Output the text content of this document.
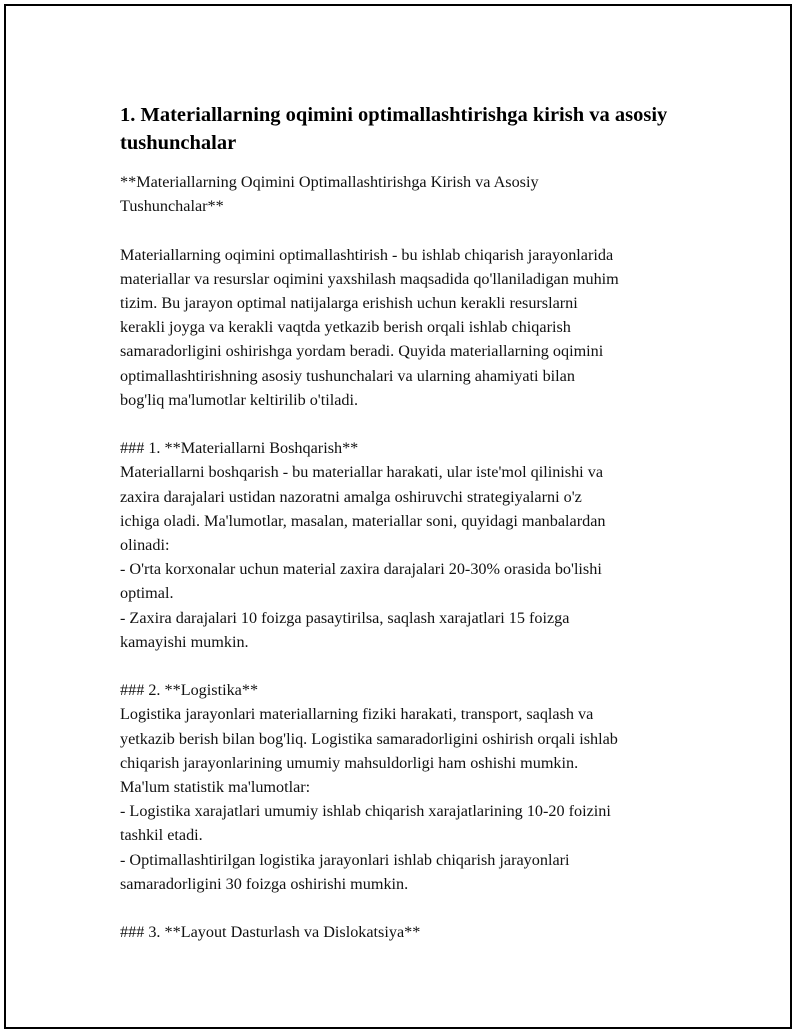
1. Materiallarning oqimini optimallashtirishga kirish va asosiy
tushunchalar

**Materiallarning Oqimini Optimallashtirishga Kirish va Asosiy

Tushunchalar**

Materiallarning oqimini optimallashtirish - bu ishlab chiqarish jarayonlarida

materiallar va resurslar oqimini yaxshilash maqsadida qo'llaniladigan muhim

tizim. Bu jarayon optimal natijalarga erishish uchun kerakli resurslarni

kerakli joyga va kerakli vaqtda yetkazib berish orqali ishlab chiqarish

samaradorligini oshirishga yordam beradi. Quyida materiallarning oqimini

optimallashtirishning asosiy tushunchalari va ularning ahamiyati bilan

bog'liq ma'lumotlar keltirilib o'tiladi.

### 1. **Materiallarni Boshqarish**

Materiallarni boshqarish - bu materiallar harakati, ular iste'mol qilinishi va

zaxira darajalari ustidan nazoratni amalga oshiruvchi strategiyalarni o'z

ichiga oladi. Ma'lumotlar, masalan, materiallar soni, quyidagi manbalardan

olinadi:

- O'rta korxonalar uchun material zaxira darajalari 20-30% orasida bo'lishi

optimal.

- Zaxira darajalari 10 foizga pasaytirilsa, saqlash xarajatlari 15 foizga

kamayishi mumkin.

### 2. **Logistika**

Logistika jarayonlari materiallarning fiziki harakati, transport, saqlash va

yetkazib berish bilan bog'liq. Logistika samaradorligini oshirish orqali ishlab

chiqarish jarayonlarining umumiy mahsuldorligi ham oshishi mumkin.

Ma'lum statistik ma'lumotlar:

- Logistika xarajatlari umumiy ishlab chiqarish xarajatlarining 10-20 foizini

tashkil etadi.

- Optimallashtirilgan logistika jarayonlari ishlab chiqarish jarayonlari

samaradorligini 30 foizga oshirishi mumkin.

### 3. **Layout Dasturlash va Dislokatsiya**
